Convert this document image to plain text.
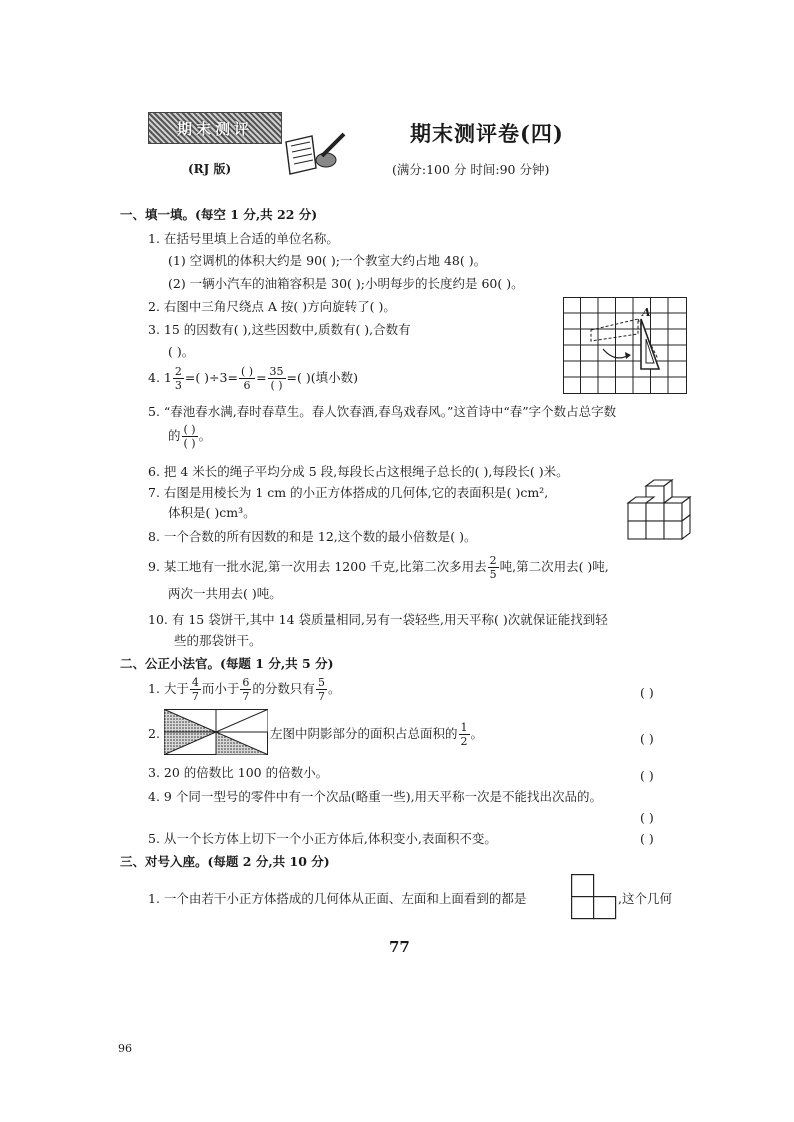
期末测评
(RJ 版)
期末测评卷(四)
(满分:100 分 时间:90 分钟)
一、填一填。(每空 1 分,共 22 分)
1. 在括号里填上合适的单位名称。
(1) 空调机的体积大约是 90( );一个教室大约占地 48( )。
(2) 一辆小汽车的油箱容积是 30( );小明每步的长度约是 60( )。
2. 右图中三角尺绕点 A 按( )方向旋转了( )。
3. 15 的因数有( ),这些因数中,质数有( ),合数有
( )。
A
4. $1 \frac{2}{3}$ =( )$\div 3= \frac{( )}{6} = \frac{35}{( )}$ =( )(填小数)
5. “春池春水满,春时春草生。春人饮春酒,春鸟戏春风。”这首诗中“春”字个数占总字数
的 $\frac{( )}{( )}$ 。
6. 把 4 米长的绳子平均分成 5 段,每段长占这根绳子总长的( ),每段长( )米。
7. 右图是用棱长为 1 cm 的小正方体搭成的几何体,它的表面积是( )cm²,
体积是( )cm³。
8. 一个合数的所有因数的和是 12,这个数的最小倍数是( )。
9. 某工地有一批水泥,第一次用去 1200 千克,比第二次多用去 $\frac{2}{5}$ 吨,第二次用去( )吨,
两次一共用去( )吨。
10. 有 15 袋饼干,其中 14 袋质量相同,另有一袋轻些,用天平称( )次就保证能找到轻
些的那袋饼干。
二、公正小法官。(每题 1 分,共 5 分)
1. 大于 $\frac{4}{7}$ 而小于 $\frac{6}{7}$ 的分数只有 $\frac{5}{7}$ 。	( )
2.	左图中阴影部分的面积占总面积的 $\frac{1}{2}$ 。	( )
3. 20 的倍数比 100 的倍数小。	( )
4. 9 个同一型号的零件中有一个次品(略重一些),用天平称一次是不能找出次品的。
( )
5. 从一个长方体上切下一个小正方体后,体积变小,表面积不变。	( )
三、对号入座。(每题 2 分,共 10 分)
1. 一个由若干小正方体搭成的几何体从正面、左面和上面看到的都是	,这个几何
77
96
